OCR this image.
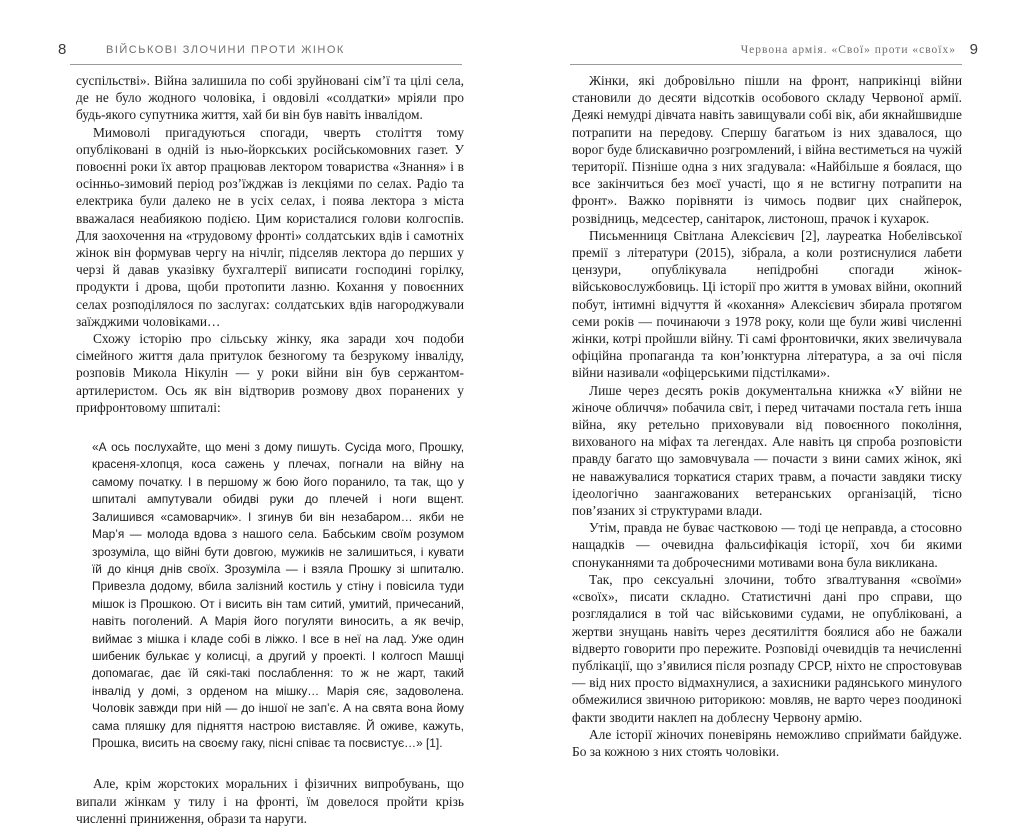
8	ВІЙСЬКОВІ ЗЛОЧИНИ ПРОТИ ЖІНОК

суспільстві». Війна залишила по собі зруйновані сім’ї та цілі села, де не було жодного чоловіка, і овдовілі «солдатки» мріяли про будь-якого супутника життя, хай би він був навіть інвалідом.

Мимоволі пригадуються спогади, чверть століття тому опубліковані в одній із нью-йоркських російськомовних газет. У повоєнні роки їх автор працював лектором товариства «Знання» і в осінньо-зимовий період роз’їжджав із лекціями по селах. Радіо та електрика були далеко не в усіх селах, і поява лектора з міста вважалася неабиякою подією. Цим користалися голови колгоспів. Для заохочення на «трудовому фронті» солдатських вдів і самотніх жінок він формував чергу на нічліг, підселяв лектора до перших у черзі й давав указівку бухгалтерії виписати господині горілку, продукти і дрова, щоби протопити лазню. Кохання у повоєнних селах розподілялося по заслугах: солдатських вдів нагороджували заїжджими чоловіками…

Схожу історію про сільську жінку, яка заради хоч подоби сімейного життя дала притулок безногому та безрукому інваліду, розповів Микола Нікулін — у роки війни він був сержантом-артилеристом. Ось як він відтворив розмову двох поранених у прифронтовому шпиталі:

«А ось послухайте, що мені з дому пишуть. Сусіда мого, Прошку, красеня-хлопця, коса сажень у плечах, погнали на війну на самому початку. І в першому ж бою його поранило, та так, що у шпиталі ампутували обидві руки до плечей і ноги вщент. Залишився «самоварчик». І згинув би він незабаром… якби не Мар’я — молода вдова з нашого села. Бабським своїм розумом зрозуміла, що війні бути довгою, мужиків не залишиться, і кувати їй до кінця днів своїх. Зрозуміла — і взяла Прошку зі шпиталю. Привезла додому, вбила залізний костиль у стіну і повісила туди мішок із Прошкою. От і висить він там ситий, умитий, причесаний, навіть поголений. А Марія його погуляти виносить, а як вечір, виймає з мішка і кладе собі в ліжко. І все в неї на лад. Уже один шибеник булькає у колисці, а другий у проекті. І колгосп Машці допомагає, дає їй сякі-такі послаблення: то ж не жарт, такий інвалід у домі, з орденом на мішку… Марія сяє, задоволена. Чоловік завжди при ній — до іншої не запʼє. А на свята вона йому сама пляшку для підняття настрою виставляє. Й оживе, кажуть, Прошка, висить на своєму гаку, пісні співає та посвистує…» [1].

Але, крім жорстоких моральних і фізичних випробувань, що випали жінкам у тилу і на фронті, їм довелося пройти крізь численні приниження, образи та наруги.

Червона армія. «Свої» проти «своїх» 9

Жінки, які добровільно пішли на фронт, наприкінці війни становили до десяти відсотків особового складу Червоної армії. Деякі немудрі дівчата навіть завищували собі вік, аби якнайшвидше потрапити на передову. Спершу багатьом із них здавалося, що ворог буде блискавично розгромлений, і війна вестиметься на чужій території. Пізніше одна з них згадувала: «Найбільше я боялася, що все закінчиться без моєї участі, що я не встигну потрапити на фронт». Важко порівняти із чимось подвиг цих снайперок, розвідниць, медсестер, санітарок, листонош, прачок і кухарок.

Письменниця Світлана Алексієвич [2], лауреатка Нобелівської премії з літератури (2015), зібрала, а коли розтиснулися лабети цензури, опублікувала непідробні спогади жінок-військовослужбовиць. Ці історії про життя в умовах війни, окопний побут, інтимні відчуття й «кохання» Алексієвич збирала протягом семи років — починаючи з 1978 року, коли ще були живі численні жінки, котрі пройшли війну. Ті самі фронтовички, яких звеличувала офіційна пропаганда та кон’юнктурна література, а за очі після війни називали «офіцерськими підстілками».

Лише через десять років документальна книжка «У війни не жіноче обличчя» побачила світ, і перед читачами постала геть інша війна, яку ретельно приховували від повоєнного покоління, вихованого на міфах та легендах. Але навіть ця спроба розповісти правду багато що замовчувала — почасти з вини самих жінок, які не наважувалися торкатися старих травм, а почасти завдяки тиску ідеологічно заангажованих ветеранських організацій, тісно пов’язаних зі структурами влади.

Утім, правда не буває частковою — тоді це неправда, а стосовно нащадків — очевидна фальсифікація історії, хоч би якими спонуканнями та доброчесними мотивами вона була викликана.

Так, про сексуальні злочини, тобто зґвалтування «своїми» «своїх», писати складно. Статистичні дані про справи, що розглядалися в той час військовими судами, не опубліковані, а жертви знущань навіть через десятиліття боялися або не бажали відверто говорити про пережите. Розповіді очевидців та нечисленні публікації, що з’явилися після розпаду СРСР, ніхто не спростовував — від них просто відмахнулися, а захисники радянського минулого обмежилися звичною риторикою: мовляв, не варто через поодинокі факти зводити наклеп на доблесну Червону армію.

Але історії жіночих поневірянь неможливо сприймати байдуже. Бо за кожною з них стоять чоловіки.
